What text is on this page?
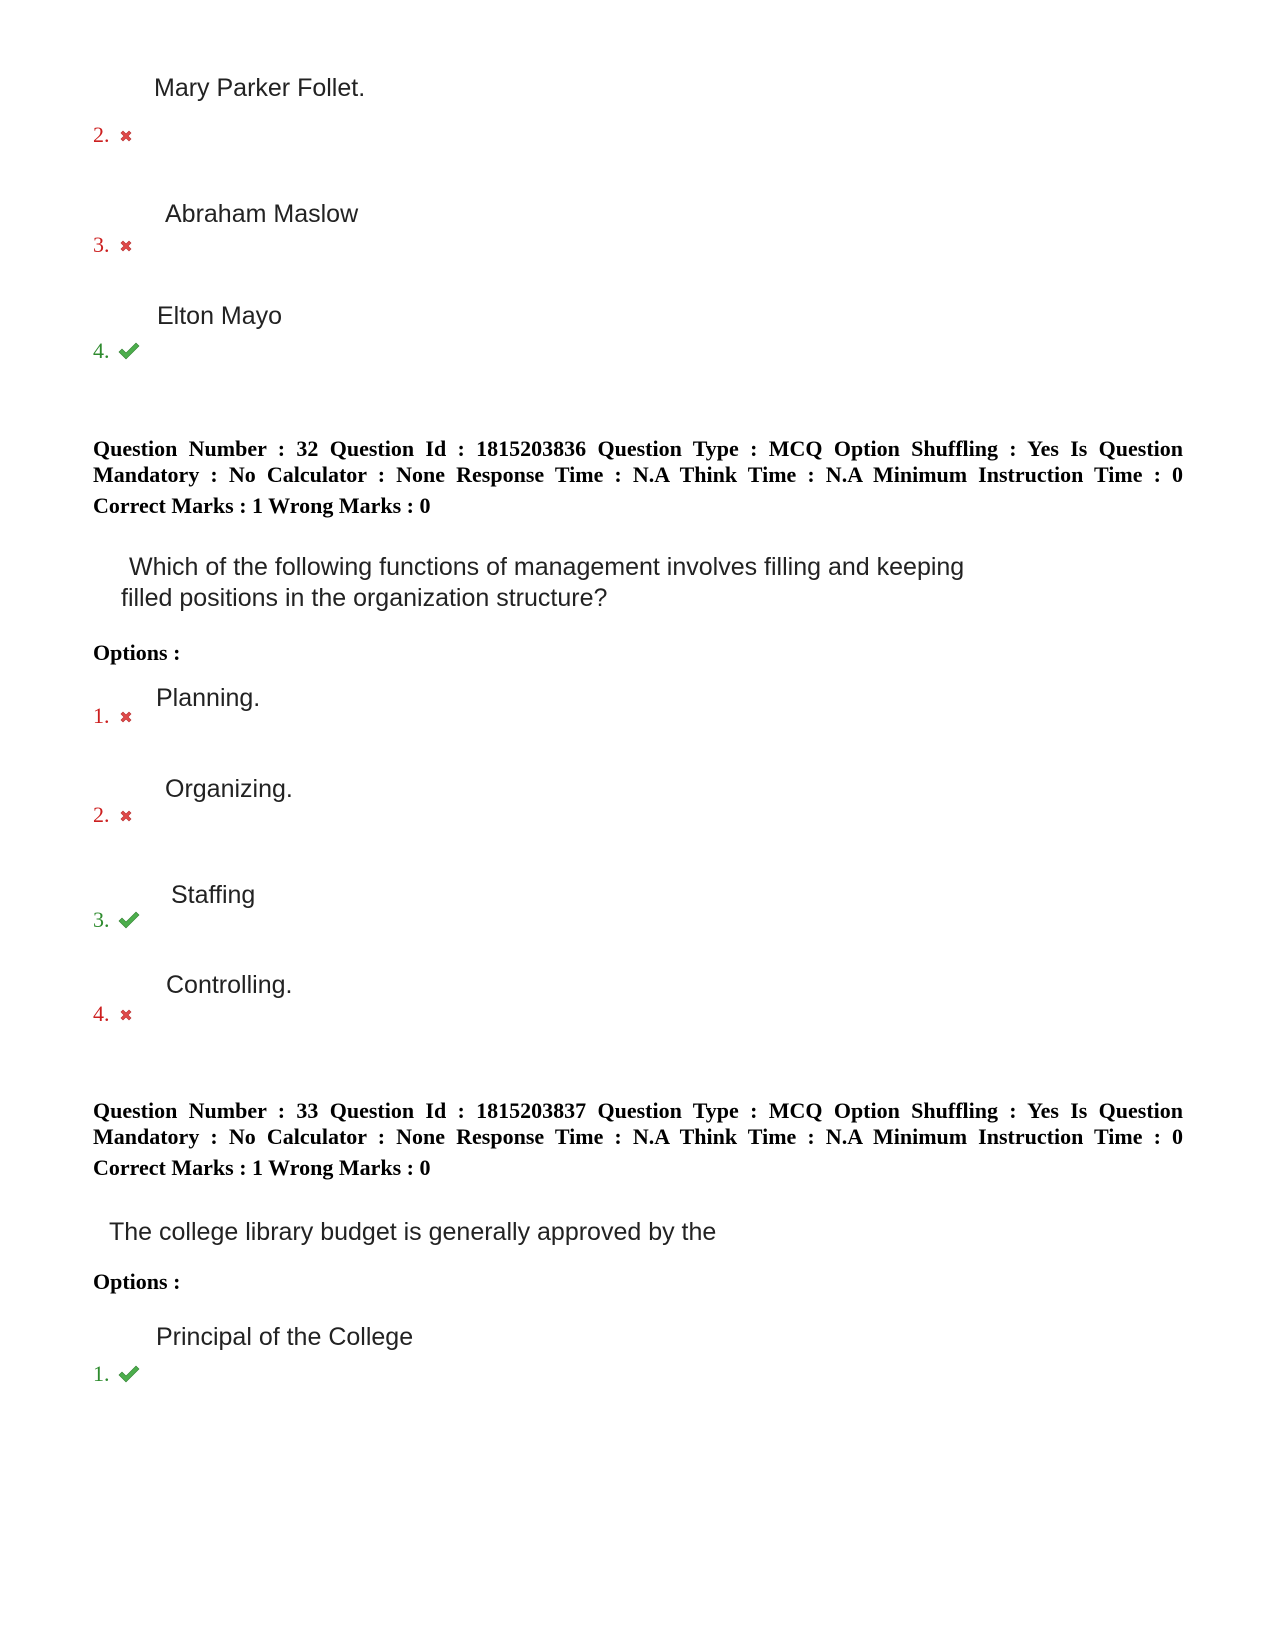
Mary Parker Follet.
2.
Abraham Maslow
3.
Elton Mayo
4.
Question Number : 32 Question Id : 1815203836 Question Type : MCQ Option Shuffling : Yes Is Question
Mandatory : No Calculator : None Response Time : N.A Think Time : N.A Minimum Instruction Time : 0
Correct Marks : 1 Wrong Marks : 0
Which of the following functions of management involves filling and keeping
filled positions in the organization structure?
Options :
Planning.
1.
Organizing.
2.
Staffing
3.
Controlling.
4.
Question Number : 33 Question Id : 1815203837 Question Type : MCQ Option Shuffling : Yes Is Question
Mandatory : No Calculator : None Response Time : N.A Think Time : N.A Minimum Instruction Time : 0
Correct Marks : 1 Wrong Marks : 0
The college library budget is generally approved by the
Options :
Principal of the College
1.
